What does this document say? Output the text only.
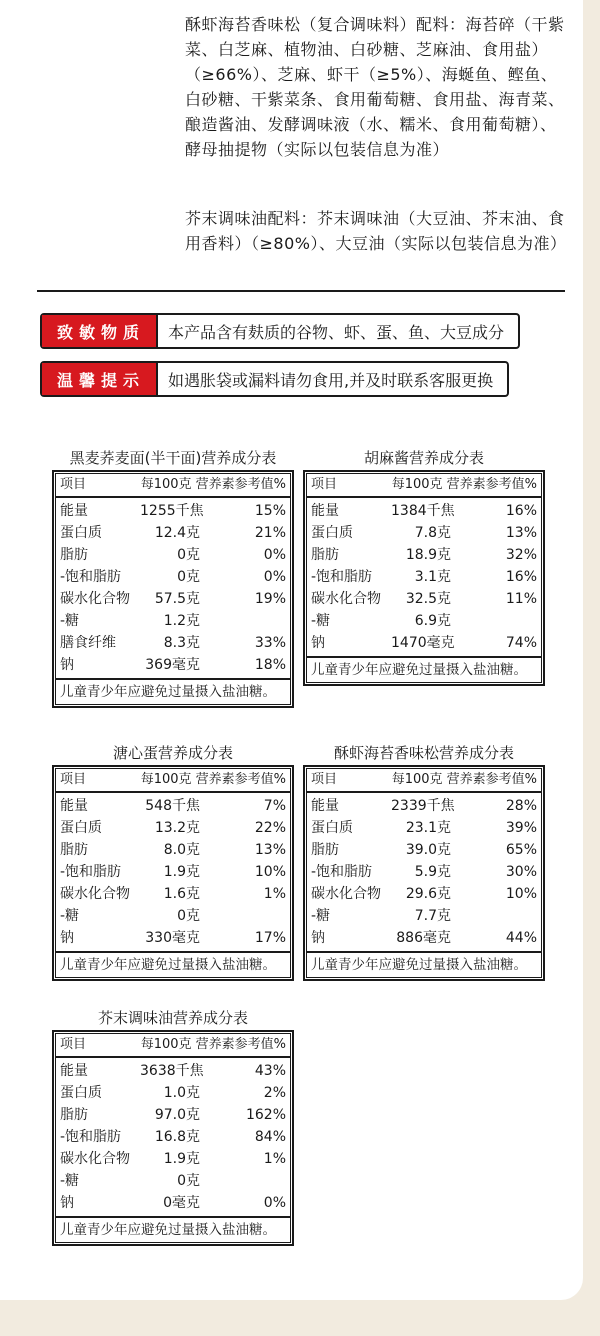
酥虾海苔香味松（复合调味料）配料：海苔碎（干紫菜、白芝麻、植物油、白砂糖、芝麻油、食用盐）（≥66%）、芝麻、虾干（≥5%）、海蜒鱼、鲣鱼、白砂糖、干紫菜条、食用葡萄糖、食用盐、海青菜、酿造酱油、发酵调味液（水、糯米、食用葡萄糖）、酵母抽提物（实际以包装信息为准）
芥末调味油配料：芥末调味油（大豆油、芥末油、食用香料）（≥80%）、大豆油（实际以包装信息为准）
致敏物质	本产品含有麸质的谷物、虾、蛋、鱼、大豆成分
温馨提示	如遇胀袋或漏料请勿食用,并及时联系客服更换
黑麦荞麦面(半干面)营养成分表
项目	每100克 营养素参考值%
能量	1255千焦	15%
蛋白质	12.4克	21%
脂肪	0克	0%
-饱和脂肪	0克	0%
碳水化合物	57.5克	19%
-糖	1.2克
膳食纤维	8.3克	33%
钠	369毫克	18%
儿童青少年应避免过量摄入盐油糖。
胡麻酱营养成分表
项目	每100克 营养素参考值%
能量	1384千焦	16%
蛋白质	7.8克	13%
脂肪	18.9克	32%
-饱和脂肪	3.1克	16%
碳水化合物	32.5克	11%
-糖	6.9克
钠	1470毫克	74%
儿童青少年应避免过量摄入盐油糖。
溏心蛋营养成分表
项目	每100克 营养素参考值%
能量	548千焦	7%
蛋白质	13.2克	22%
脂肪	8.0克	13%
-饱和脂肪	1.9克	10%
碳水化合物	1.6克	1%
-糖	0克
钠	330毫克	17%
儿童青少年应避免过量摄入盐油糖。
酥虾海苔香味松营养成分表
项目	每100克 营养素参考值%
能量	2339千焦	28%
蛋白质	23.1克	39%
脂肪	39.0克	65%
-饱和脂肪	5.9克	30%
碳水化合物	29.6克	10%
-糖	7.7克
钠	886毫克	44%
儿童青少年应避免过量摄入盐油糖。
芥末调味油营养成分表
项目	每100克 营养素参考值%
能量	3638千焦	43%
蛋白质	1.0克	2%
脂肪	97.0克	162%
-饱和脂肪	16.8克	84%
碳水化合物	1.9克	1%
-糖	0克
钠	0毫克	0%
儿童青少年应避免过量摄入盐油糖。
